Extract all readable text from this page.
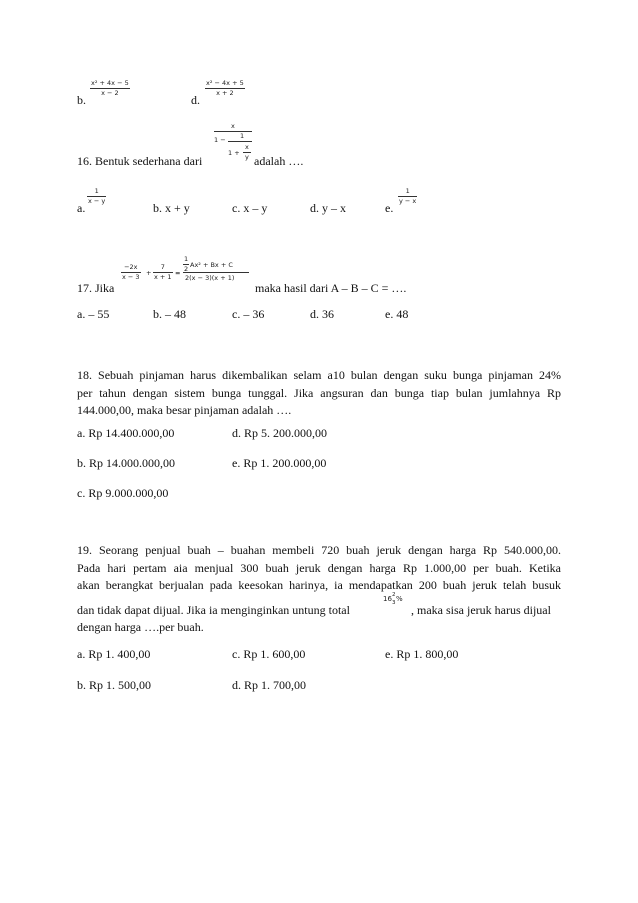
b.
x² + 4x − 5
x − 2	d.
x² − 4x + 5
x + 2
16. Bentuk sederhana dari
x
1 − 1
1 +
x
y adalah ….
a.
1
x − y	b. x + y	c. x – y	d. y – x	e.
1
y − x
17. Jika
−2x
x − 3 +
7
x + 1 =
1
2 Ax² + Bx + C
2(x − 3)(x + 1)
maka hasil dari A – B – C = ….
a. – 55	b. – 48	c. – 36	d. 36	e. 48
18. Sebuah pinjaman harus dikembalikan selam a10 bulan dengan suku bunga pinjaman 24%
per tahun dengan sistem bunga tunggal. Jika angsuran dan bunga tiap bulan jumlahnya Rp
144.000,00, maka besar pinjaman adalah ….
a. Rp 14.400.000,00	d. Rp 5. 200.000,00
b. Rp 14.000.000,00	e. Rp 1. 200.000,00
c. Rp 9.000.000,00
19. Seorang penjual buah – buahan membeli 720 buah jeruk dengan harga Rp 540.000,00.
Pada hari pertam aia menjual 300 buah jeruk dengan harga Rp 1.000,00 per buah. Ketika
akan berangkat berjualan pada keesokan harinya, ia mendapatkan 200 buah jeruk telah busuk
dan tidak dapat dijual. Jika ia menginginkan untung total
16 2
3 %
, maka sisa jeruk harus dijual
dengan harga ….per buah.
a. Rp 1. 400,00	c. Rp 1. 600,00	e. Rp 1. 800,00
b. Rp 1. 500,00	d. Rp 1. 700,00
